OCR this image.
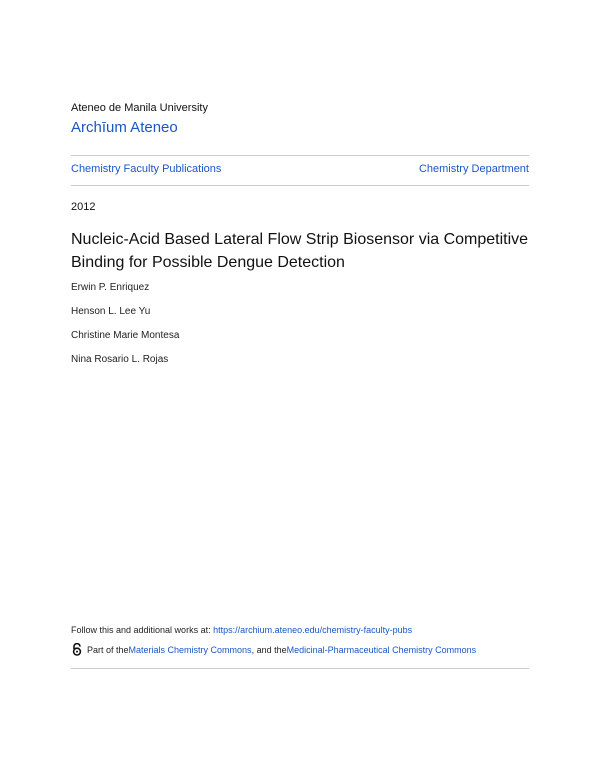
Ateneo de Manila University
Archīum Ateneo
Chemistry Faculty Publications	Chemistry Department
2012
Nucleic-Acid Based Lateral Flow Strip Biosensor via Competitive Binding for Possible Dengue Detection
Erwin P. Enriquez
Henson L. Lee Yu
Christine Marie Montesa
Nina Rosario L. Rojas
Follow this and additional works at: https://archium.ateneo.edu/chemistry-faculty-pubs
Part of the Materials Chemistry Commons , and the Medicinal-Pharmaceutical Chemistry Commons
